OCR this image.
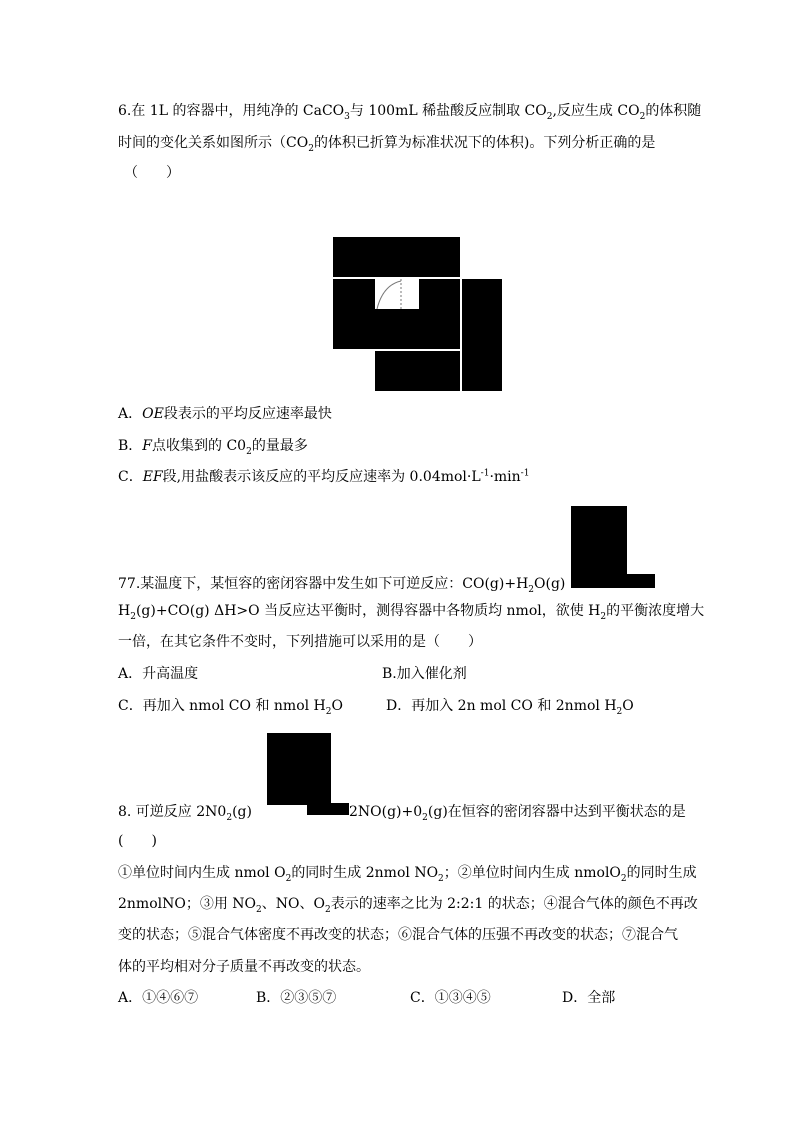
6.在 1L 的容器中，用纯净的 CaCO$_3$与 100mL 稀盐酸反应制取 $CO_2$,反应生成 $CO_2$的体积随
时间的变化关系如图所示（$CO_2$的体积已折算为标准状况下的体积)。下列分析正确的是
（　　）
A．OE段表示的平均反应速率最快
B．F点收集到的 $C0_2$的量最多
C．EF段,用盐酸表示该反应的平均反应速率为 $0.04mol\cdot L^{-1}\cdot\min^{-1}$
77.某温度下，某恒容的密闭容器中发生如下可逆反应：$CO(g)+H_2O(g)$
$H_2(g)+CO(g)$ ΔH>O 当反应达平衡时，测得容器中各物质均 nmol，欲使 $H_2$的平衡浓度增大
一倍，在其它条件不变时，下列措施可以采用的是（　　）
A．升高温度	B.加入催化剂
C．再加入 nmol CO 和 nmol $H_2O$	D．再加入 2n mol CO 和 2nmol $H_2O$
8. 可逆反应 $2N0_2(g)$	$2NO(g)+0_2(g)$在恒容的密闭容器中达到平衡状态的是
(　　)
①单位时间内生成 nmol $O_2$的同时生成 2nmol $NO_2$；②单位时间内生成 nmolO$_2$的同时生成
2nmolNO；③用 $NO_2$、NO、$O_2$表示的速率之比为 2:2:1 的状态；④混合气体的颜色不再改
变的状态；⑤混合气体密度不再改变的状态；⑥混合气体的压强不再改变的状态；⑦混合气
体的平均相对分子质量不再改变的状态。
A．①④⑥⑦	B．②③⑤⑦	C．①③④⑤	D．全部
